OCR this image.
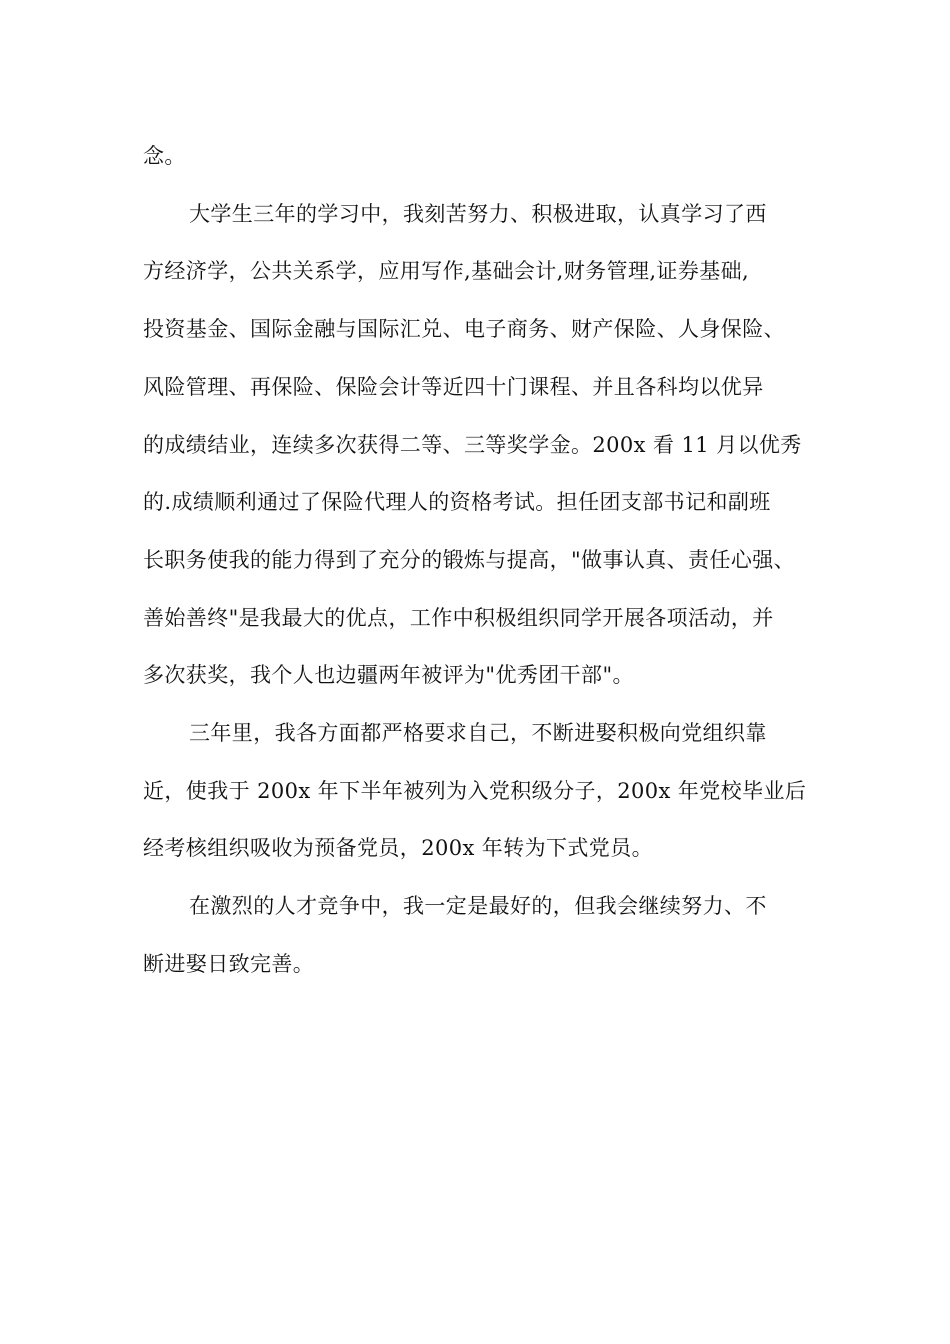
念。
大学生三年的学习中，我刻苦努力、积极进取，认真学习了西
方经济学，公共关系学，应用写作,基础会计,财务管理,证券基础,
投资基金、国际金融与国际汇兑、电子商务、财产保险、人身保险、
风险管理、再保险、保险会计等近四十门课程、并且各科均以优异
的成绩结业，连续多次获得二等、三等奖学金。200x 看 11 月以优秀
的.成绩顺利通过了保险代理人的资格考试。担任团支部书记和副班
长职务使我的能力得到了充分的锻炼与提高，"做事认真、责任心强、
善始善终"是我最大的优点，工作中积极组织同学开展各项活动，并
多次获奖，我个人也边疆两年被评为"优秀团干部"。
三年里，我各方面都严格要求自己，不断进娶积极向党组织靠
近，使我于 200x 年下半年被列为入党积级分子，200x 年党校毕业后
经考核组织吸收为预备党员，200x 年转为下式党员。
在激烈的人才竞争中，我一定是最好的，但我会继续努力、不
断进娶日致完善。
